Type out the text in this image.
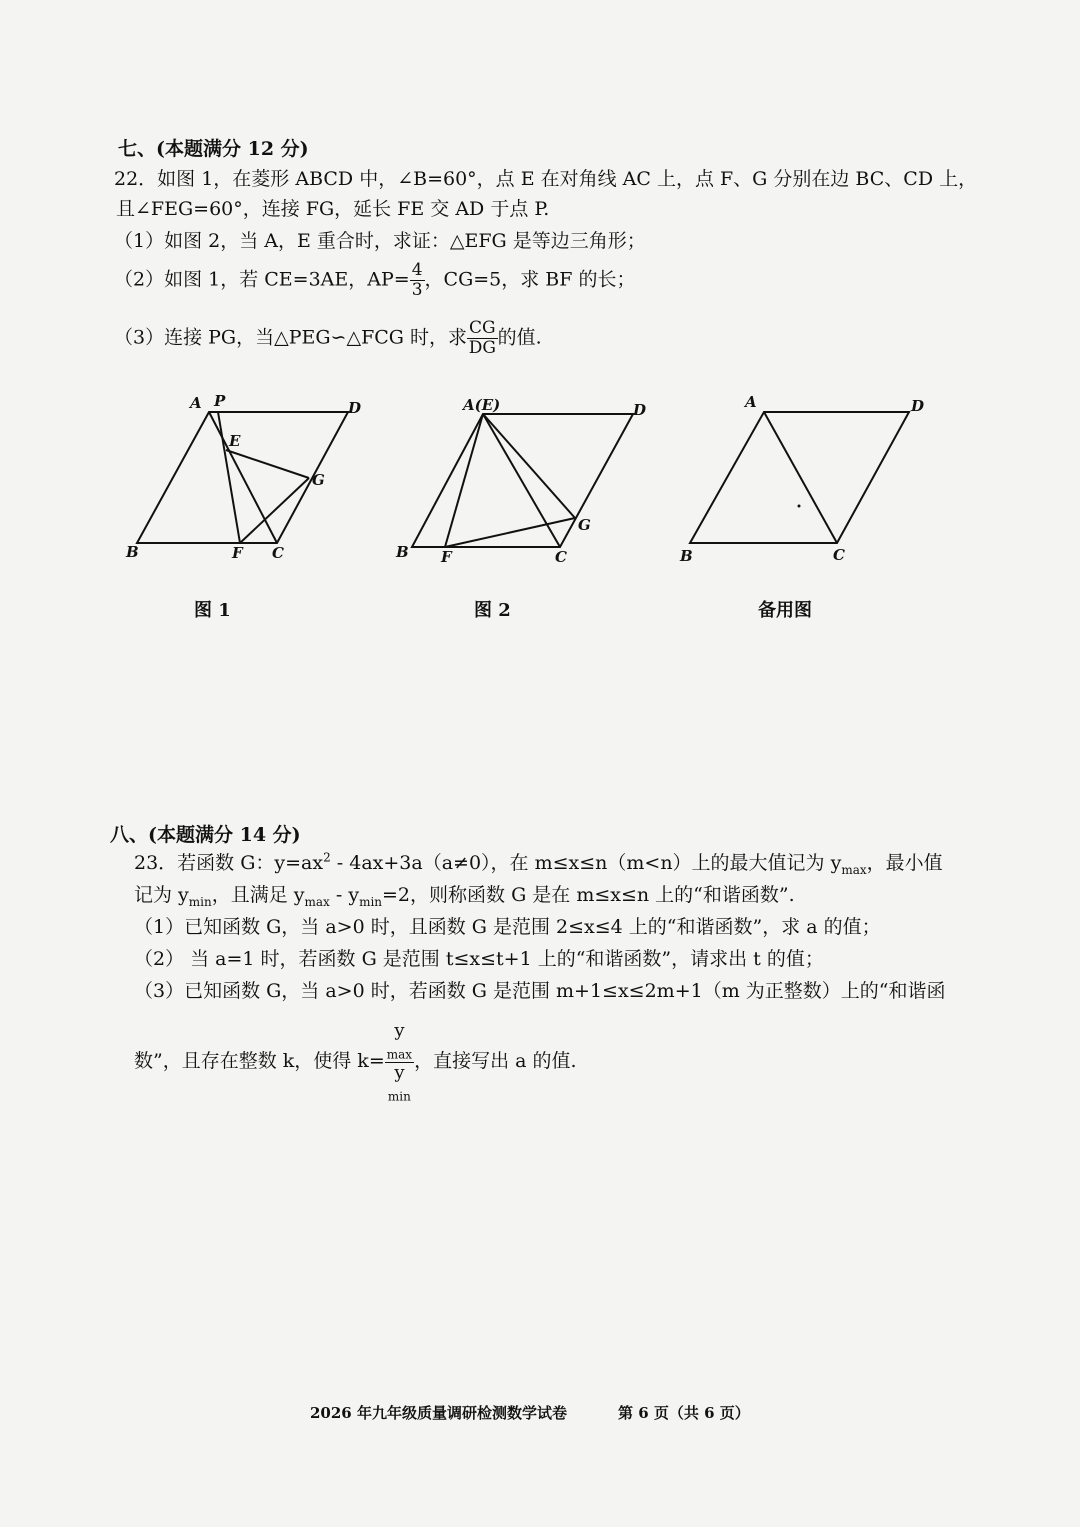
七、(本题满分 12 分)
22．如图 1，在菱形 ABCD 中，∠B=60°，点 E 在对角线 AC 上，点 F、G 分别在边 BC、CD 上，
且∠FEG=60°，连接 FG，延长 FE 交 AD 于点 P.
（1）如图 2，当 A，E 重合时，求证：△EFG 是等边三角形；
（2）如图 1，若 CE=3AE，$AP= \frac{4}{3}$ ，CG=5，求 BF 的长；
（3）连接 PG，当△PEG∽△FCG 时，求 $\frac{CG}{DG}$ 的值.
A P	D
E
G
B	F C
A(E)	D
G
B F	C
A	D
B	C
图 1	图 2	备用图
八、(本题满分 14 分)
23．若函数 G：$y=ax^2 - 4ax+3a(a\ne 0)$，在 m≤x≤n（m<n）上的最大值记为 $y_{max}$，最小值
记为 $y_{min}$，且满足 $y_{max} - y_{min}=2$，则称函数 G 是在 m≤x≤n 上的“和谐函数”.
（1）已知函数 G，当 a>0 时，且函数 G 是范围 2≤x≤4 上的“和谐函数”，求 a 的值；
（2） 当 a=1 时，若函数 G 是范围 t≤x≤t+1 上的“和谐函数”，请求出 t 的值；
（3）已知函数 G，当 a>0 时，若函数 G 是范围 m+1≤x≤2m+1（m 为正整数）上的“和谐函
数”，且存在整数 k，使得 k= y
$_{max}$
y
$_{min}$ ，直接写出 a 的值.
2026 年九年级质量调研检测数学试卷	第 6 页（共 6 页）
